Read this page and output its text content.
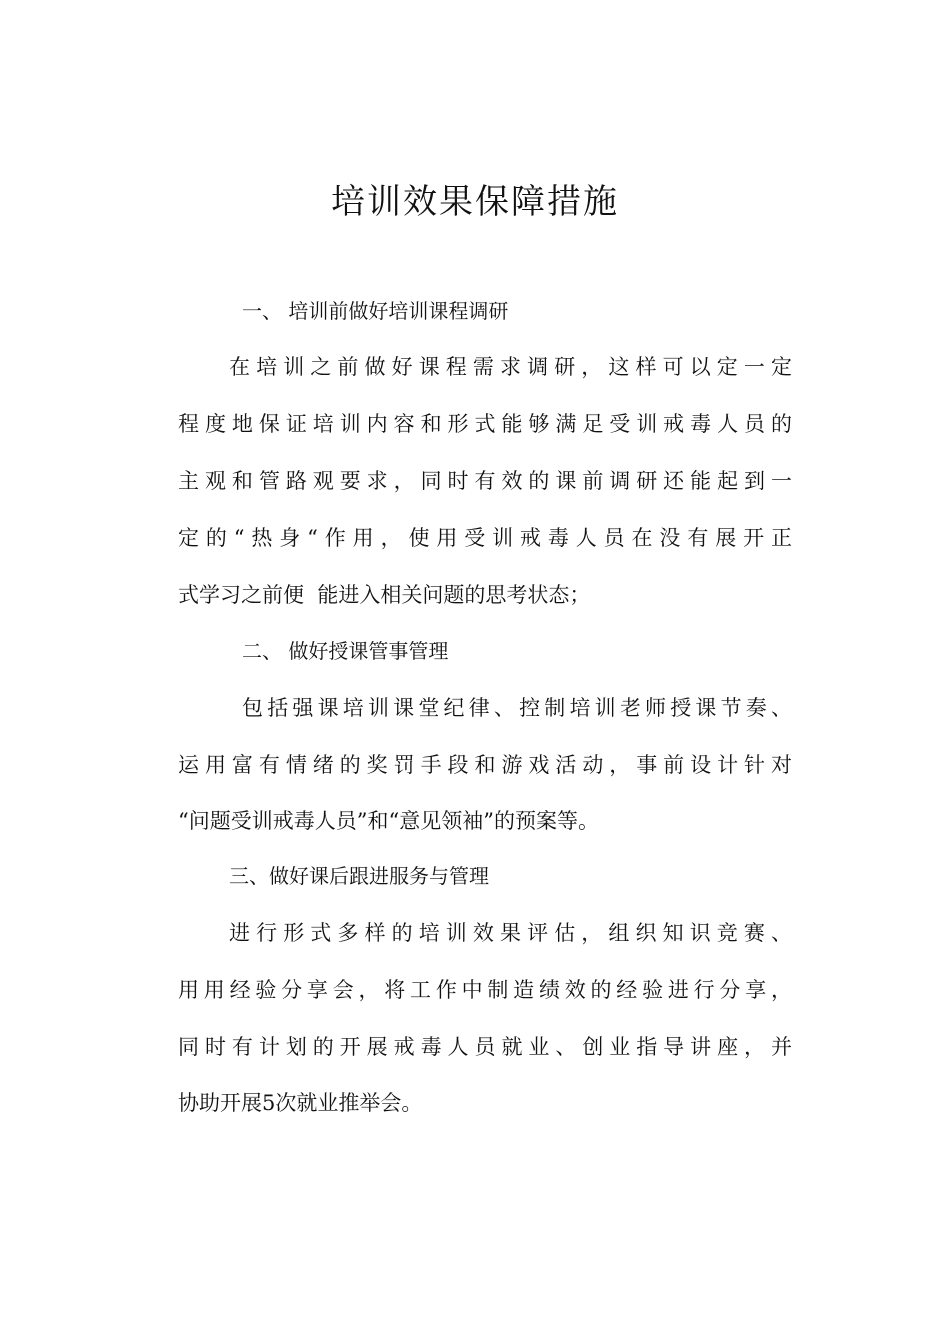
培训效果保障措施
一、 培训前做好培训课程调研
在培训之前做好课程需求调研，这样可以定一定
程度地保证培训内容和形式能够满足受训戒毒人员的
主观和管路观要求，同时有效的课前调研还能起到一
定的“热身“作用，使用受训戒毒人员在没有展开正
式学习之前便  能进入相关问题的思考状态；
二、 做好授课管事管理
包括强课培训课堂纪律、控制培训老师授课节奏、
运用富有情绪的奖罚手段和游戏活动，事前设计针对
“问题受训戒毒人员”和“意见领袖”的预案等。
三、做好课后跟进服务与管理
进行形式多样的培训效果评估，组织知识竞赛、
用用经验分享会，将工作中制造绩效的经验进行分享，
同时有计划的开展戒毒人员就业、创业指导讲座，并
协助开展5次就业推举会。
